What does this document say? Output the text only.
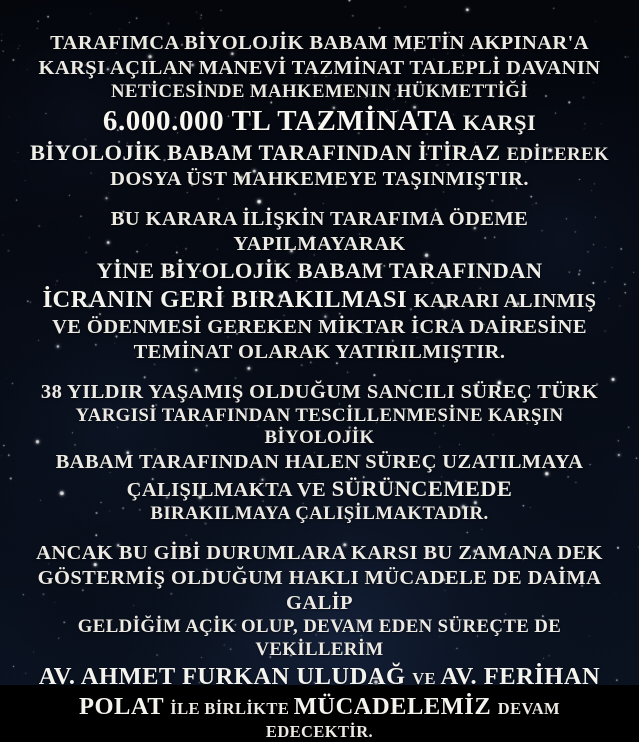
TARAFIMCA BİYOLOJİK BABAM METİN AKPINAR'A
KARŞI AÇILAN MANEVİ TAZMİNAT TALEPLİ DAVANIN
NETİCESİNDE MAHKEMENIN HÜKMETTİĞİ
6.000.000 TL TAZMİNATA KARŞI
BİYOLOJİK BABAM TARAFINDAN İTİRAZ EDİLEREK
DOSYA ÜST MAHKEMEYE TAŞINMIŞTIR.
BU KARARA İLİŞKİN TARAFIMA ÖDEME YAPILMAYARAK
YİNE BİYOLOJİK BABAM TARAFINDAN
İCRANIN GERİ BIRAKILMASI KARARI ALINMIŞ
VE ÖDENMESİ GEREKEN MİKTAR İCRA DAİRESİNE
TEMİNAT OLARAK YATIRILMIŞTIR.
38 YILDIR YAŞAMIŞ OLDUĞUM SANCILI SÜREÇ TÜRK
YARGISİ TARAFINDAN TESCİLLENMESİNE KARŞIN BİYOLOJİK
BABAM TARAFINDAN HALEN SÜREÇ UZATILMAYA
ÇALIŞILMAKTA VE SÜRÜNCEMEDE
BIRAKILMAYA ÇALIŞİLMAKTADIR.
ANCAK BU GİBİ DURUMLARA KARSI BU ZAMANA DEK
GÖSTERMİŞ OLDUĞUM HAKLI MÜCADELE DE DAİMA GALİP
GELDİĞİM AÇİK OLUP, DEVAM EDEN SÜREÇTE DE VEKİLLERİM
AV. AHMET FURKAN ULUDAĞ VE AV. FERİHAN
POLAT İLE BİRLİKTE MÜCADELEMİZ DEVAM EDECEKTİR.
